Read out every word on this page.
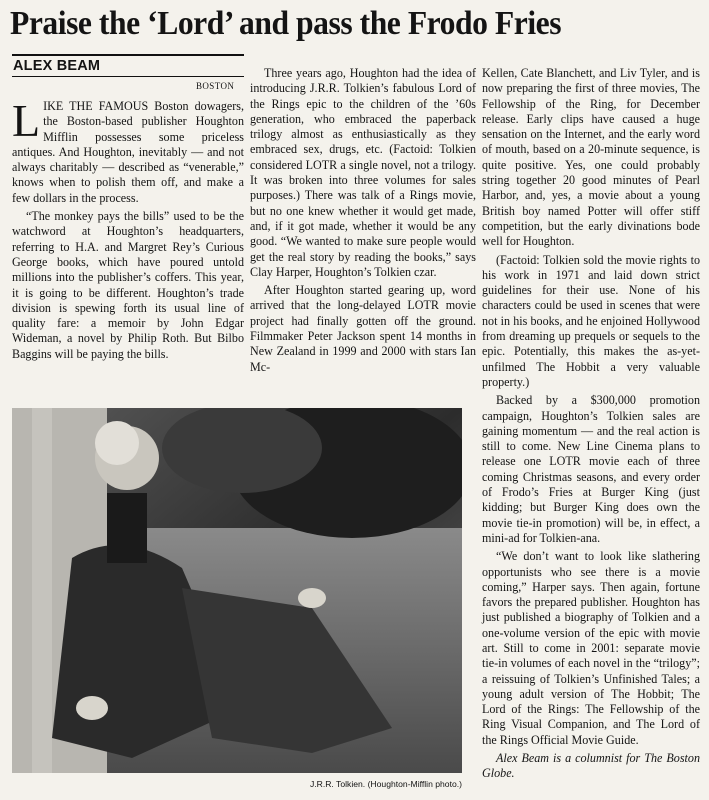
Praise the ‘Lord’ and pass the Frodo Fries
ALEX BEAM
BOSTON

LIKE THE FAMOUS Boston dowagers, the Boston-based publisher Houghton Mifflin possesses some priceless antiques. And Houghton, inevitably — and not always charitably — described as “venerable,” knows when to polish them off, and make a few dollars in the process.

“The monkey pays the bills” used to be the watchword at Houghton’s headquarters, referring to H.A. and Margret Rey’s Curious George books, which have poured untold millions into the publisher’s coffers. This year, it is going to be different. Houghton’s trade division is spewing forth its usual line of quality fare: a memoir by John Edgar Wideman, a novel by Philip Roth. But Bilbo Baggins will be paying the bills.

Three years ago, Houghton had the idea of introducing J.R.R. Tolkien’s fabulous Lord of the Rings epic to the children of the ’60s generation, who embraced the paperback trilogy almost as enthusiastically as they embraced sex, drugs, etc. (Factoid: Tolkien considered LOTR a single novel, not a trilogy. It was broken into three volumes for sales purposes.) There was talk of a Rings movie, but no one knew whether it would get made, and, if it got made, whether it would be any good. “We wanted to make sure people would get the real story by reading the books,” says Clay Harper, Houghton’s Tolkien czar.

After Houghton started gearing up, word arrived that the long-delayed LOTR movie project had finally gotten off the ground. Filmmaker Peter Jackson spent 14 months in New Zealand in 1999 and 2000 with stars Ian Mc-

Kellen, Cate Blanchett, and Liv Tyler, and is now preparing the first of three movies, The Fellowship of the Ring, for December release. Early clips have caused a huge sensation on the Internet, and the early word of mouth, based on a 20-minute sequence, is quite positive. Yes, one could probably string together 20 good minutes of Pearl Harbor, and, yes, a movie about a young British boy named Potter will offer stiff competition, but the early divinations bode well for Houghton.

(Factoid: Tolkien sold the movie rights to his work in 1971 and laid down strict guidelines for their use. None of his characters could be used in scenes that were not in his books, and he enjoined Hollywood from dreaming up prequels or sequels to the epic. Potentially, this makes the as-yet-unfilmed The Hobbit a very valuable property.)

Backed by a $300,000 promotion campaign, Houghton’s Tolkien sales are gaining momentum — and the real action is still to come. New Line Cinema plans to release one LOTR movie each of three coming Christmas seasons, and every order of Frodo’s Fries at Burger King (just kidding; but Burger King does own the movie tie-in promotion) will be, in effect, a mini-ad for Tolkien-ana.

“We don’t want to look like slathering opportunists who see there is a movie coming,” Harper says. Then again, fortune favors the prepared publisher. Houghton has just published a biography of Tolkien and a one-volume version of the epic with movie art. Still to come in 2001: separate movie tie-in volumes of each novel in the “trilogy”; a reissuing of Tolkien’s Unfinished Tales; a young adult version of The Hobbit; The Lord of the Rings: The Fellowship of the Ring Visual Companion, and The Lord of the Rings Official Movie Guide.

Alex Beam is a columnist for The Boston Globe.

J.R.R. Tolkien. (Houghton-Mifflin photo.)
